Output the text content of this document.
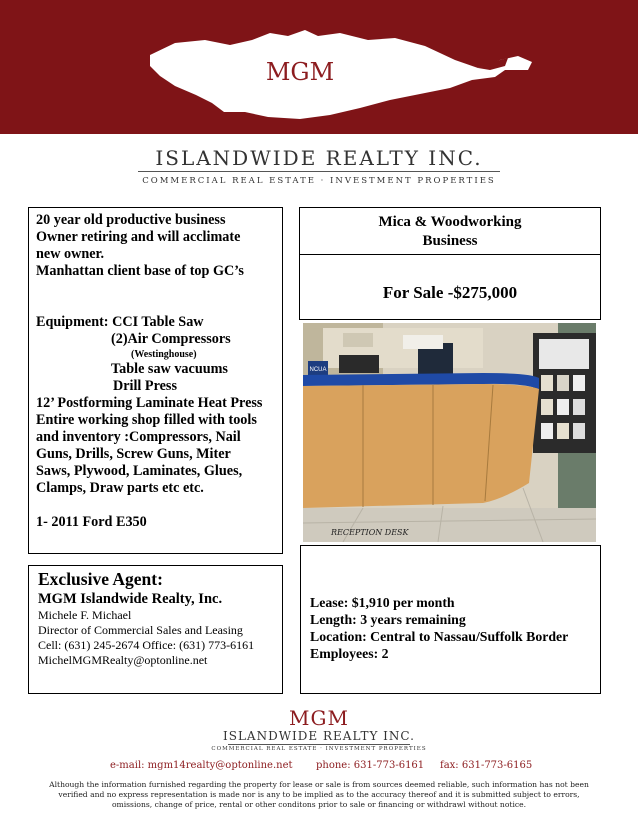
MGM
ISLANDWIDE REALTY INC.
COMMERCIAL REAL ESTATE · INVESTMENT PROPERTIES
20 year old productive business
Owner retiring and will acclimate
new owner.
Manhattan client base of top GC’s
Equipment: CCI Table Saw
(2)Air Compressors
(Westinghouse)
Table saw vacuums
Drill Press
12’ Postforming Laminate Heat Press
Entire working shop filled with tools
and inventory :Compressors, Nail
Guns, Drills, Screw Guns, Miter
Saws, Plywood, Laminates, Glues,
Clamps, Draw parts etc etc.
1- 2011 Ford E350
Mica & Woodworking
Business
For Sale -$275,000
NCUA
RECEPTION DESK
Exclusive Agent:
MGM Islandwide Realty, Inc.
Michele F. Michael
Director of Commercial Sales and Leasing
Cell: (631) 245-2674 Office: (631) 773-6161
MichelMGMRealty@optonline.net
Lease: $1,910 per month
Length: 3 years remaining
Location: Central to Nassau/Suffolk Border
Employees: 2
MGM
ISLANDWIDE REALTY INC.
COMMERCIAL REAL ESTATE · INVESTMENT PROPERTIES
e-mail: mgm14realty@optonline.net phone: 631-773-6161 fax: 631-773-6165
Although the information furnished regarding the property for lease or sale is from sources deemed reliable, such information has not been verified and no express representation is made nor is any to be implied as to the accuracy thereof and it is submitted subject to errors, omissions, change of price, rental or other conditons prior to sale or financing or withdrawl without notice.
